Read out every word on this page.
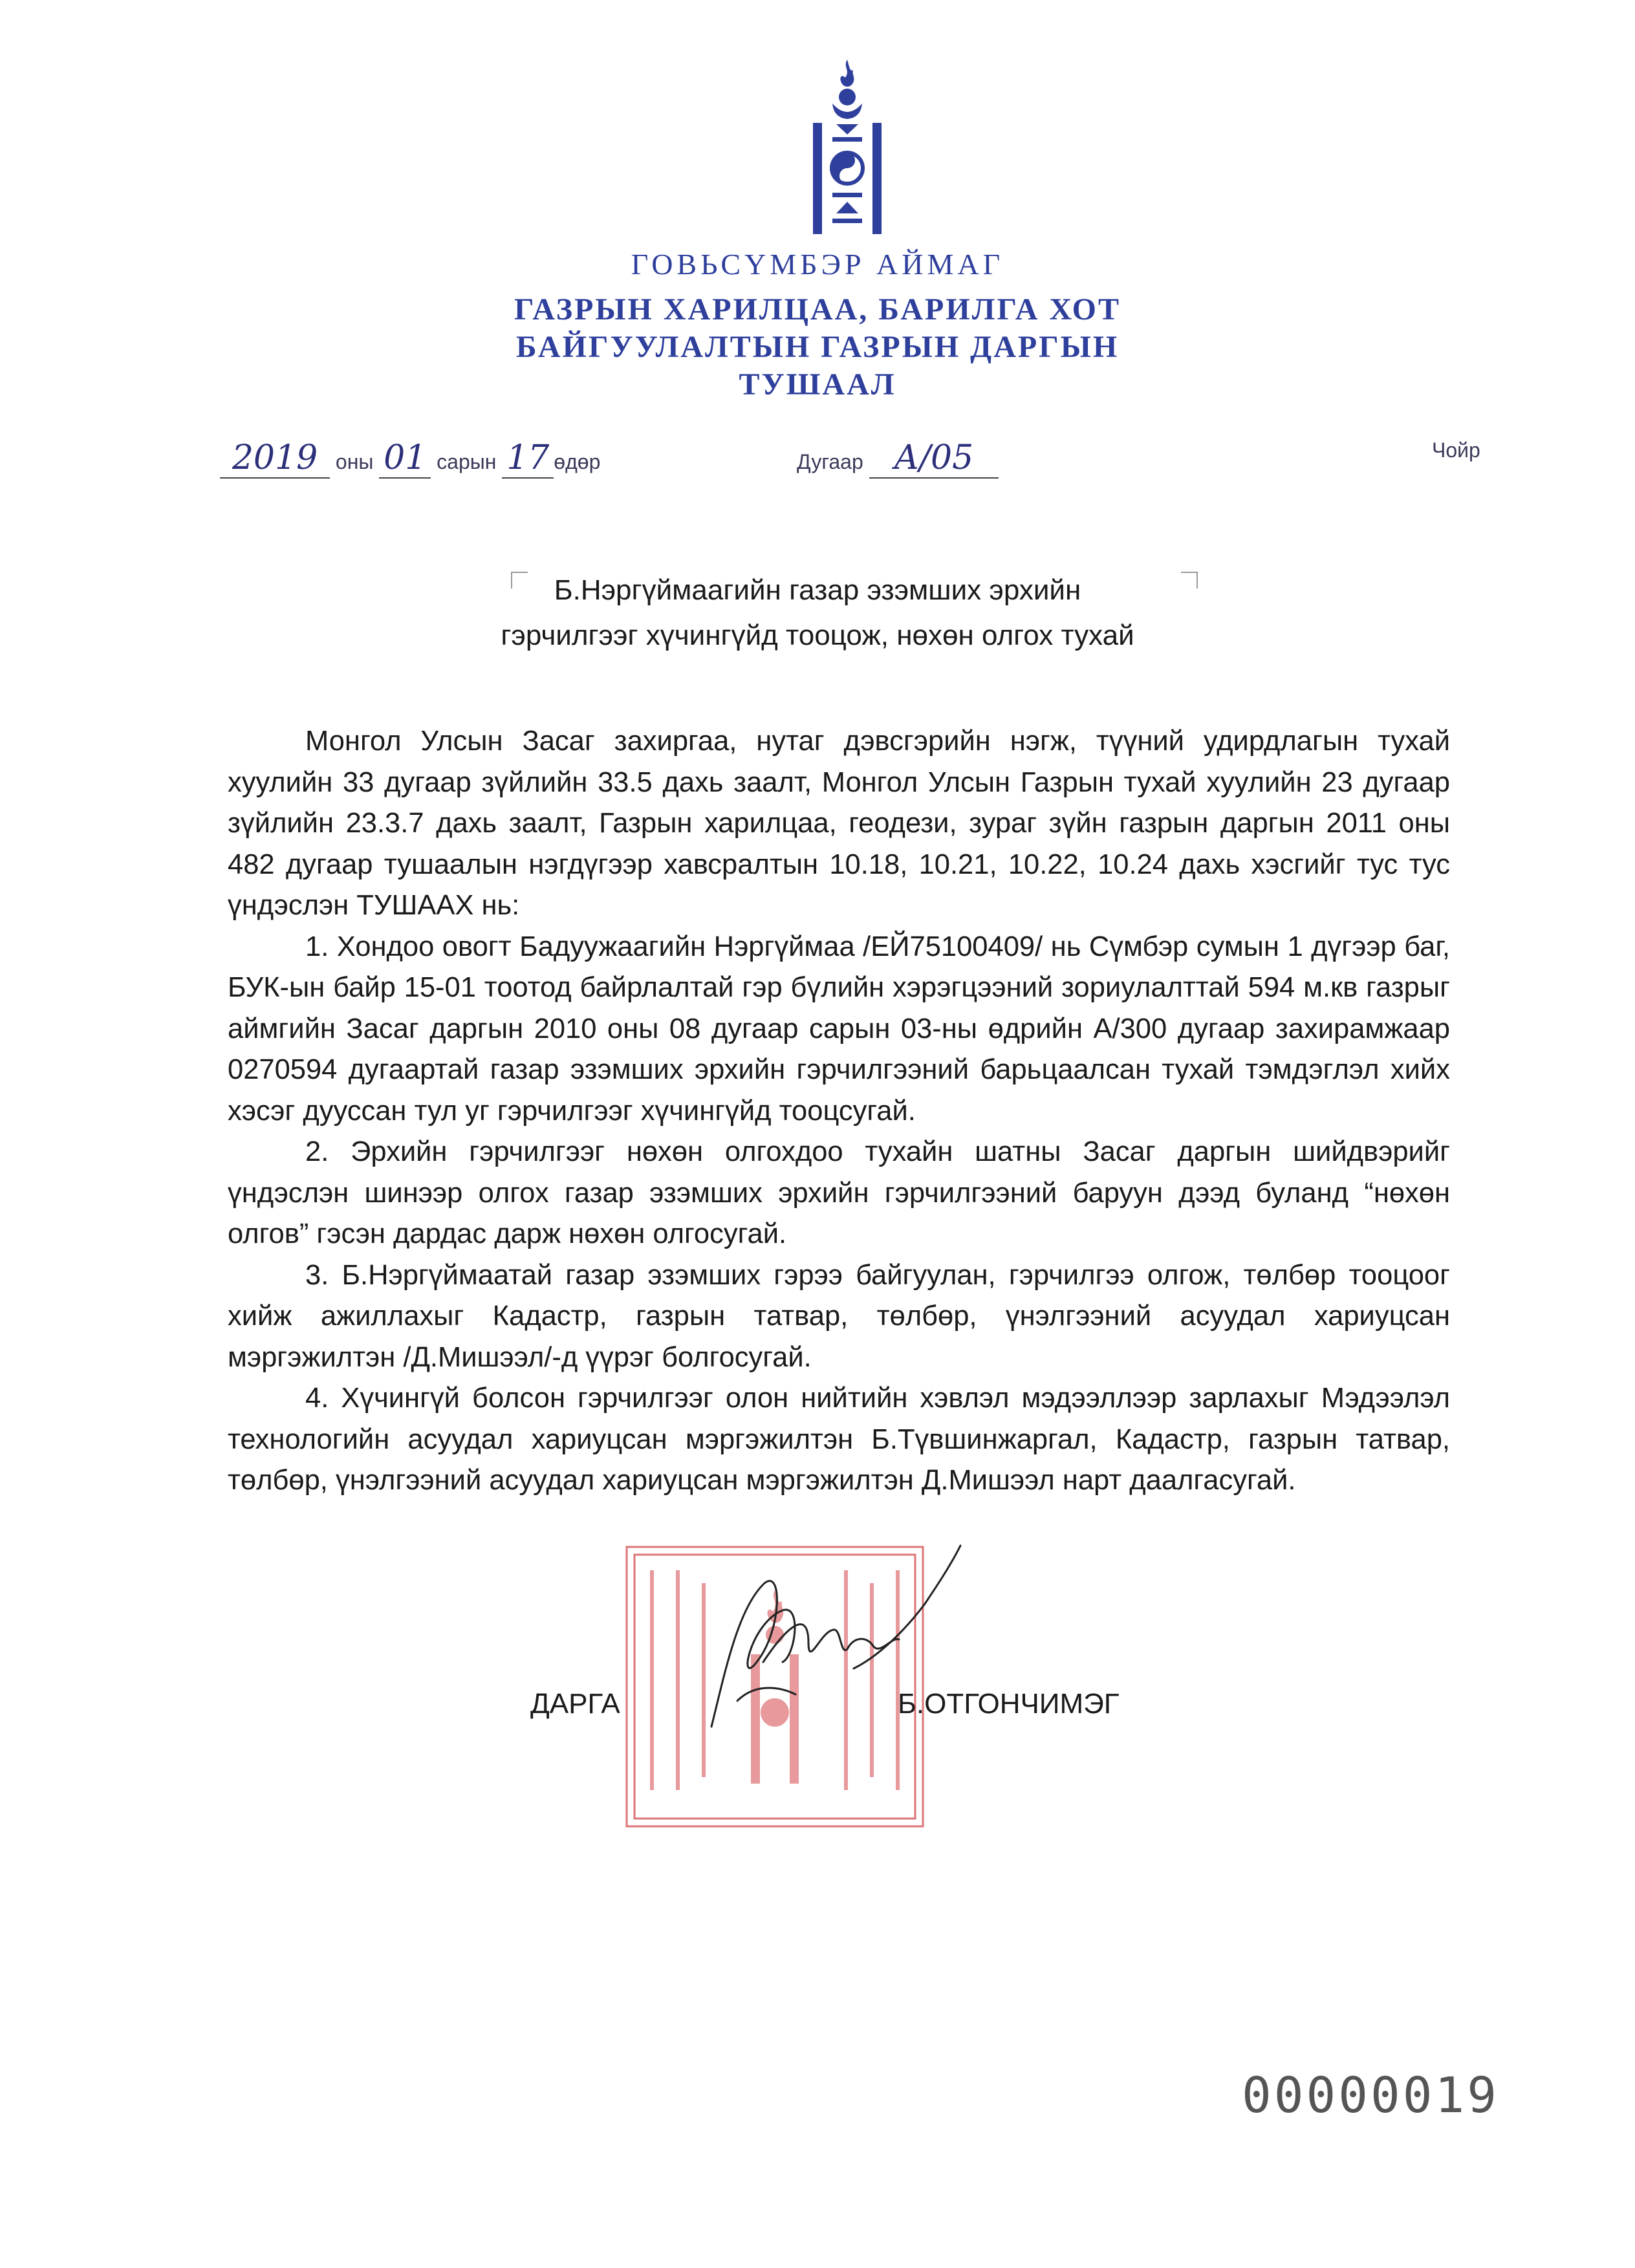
ГОВЬСҮМБЭР АЙМАГ
ГАЗРЫН ХАРИЛЦАА, БАРИЛГА ХОТ
БАЙГУУЛАЛТЫН ГАЗРЫН ДАРГЫН
ТУШААЛ
2019 оны 01 сарын 17 өдөр	Дугаар А/05	Чойр
Б.Нэргүймаагийн газар эзэмших эрхийн
гэрчилгээг хүчингүйд тооцож, нөхөн олгох тухай

Монгол Улсын Засаг захиргаа, нутаг дэвсгэрийн нэгж, түүний удирдлагын тухай хуулийн 33 дугаар зүйлийн 33.5 дахь заалт, Монгол Улсын Газрын тухай хуулийн 23 дугаар зүйлийн 23.3.7 дахь заалт, Газрын харилцаа, геодези, зураг зүйн газрын даргын 2011 оны 482 дугаар тушаалын нэгдүгээр хавсралтын 10.18, 10.21, 10.22, 10.24 дахь хэсгийг тус тус үндэслэн ТУШААХ нь:

1. Хондоо овогт Бадуужаагийн Нэргүймаа /ЕЙ75100409/ нь Сүмбэр сумын 1 дүгээр баг, БУК-ын байр 15-01 тоотод байрлалтай гэр бүлийн хэрэгцээний зориулалттай 594 м.кв газрыг аймгийн Засаг даргын 2010 оны 08 дугаар сарын 03-ны өдрийн А/300 дугаар захирамжаар 0270594 дугаартай газар эзэмших эрхийн гэрчилгээний барьцаалсан тухай тэмдэглэл хийх хэсэг дууссан тул уг гэрчилгээг хүчингүйд тооцсугай.

2. Эрхийн гэрчилгээг нөхөн олгохдоо тухайн шатны Засаг даргын шийдвэрийг үндэслэн шинээр олгох газар эзэмших эрхийн гэрчилгээний баруун дээд буланд “нөхөн олгов” гэсэн дардас дарж нөхөн олгосугай.

3. Б.Нэргүймаатай газар эзэмших гэрээ байгуулан, гэрчилгээ олгож, төлбөр тооцоог хийж ажиллахыг Кадастр, газрын татвар, төлбөр, үнэлгээний асуудал хариуцсан мэргэжилтэн /Д.Мишээл/-д үүрэг болгосугай.

4. Хүчингүй болсон гэрчилгээг олон нийтийн хэвлэл мэдээллээр зарлахыг Мэдээлэл технологийн асуудал хариуцсан мэргэжилтэн Б.Түвшинжаргал, Кадастр, газрын татвар, төлбөр, үнэлгээний асуудал хариуцсан мэргэжилтэн Д.Мишээл нарт даалгасугай.

ДАРГА	Б.ОТГОНЧИМЭГ
00000019
